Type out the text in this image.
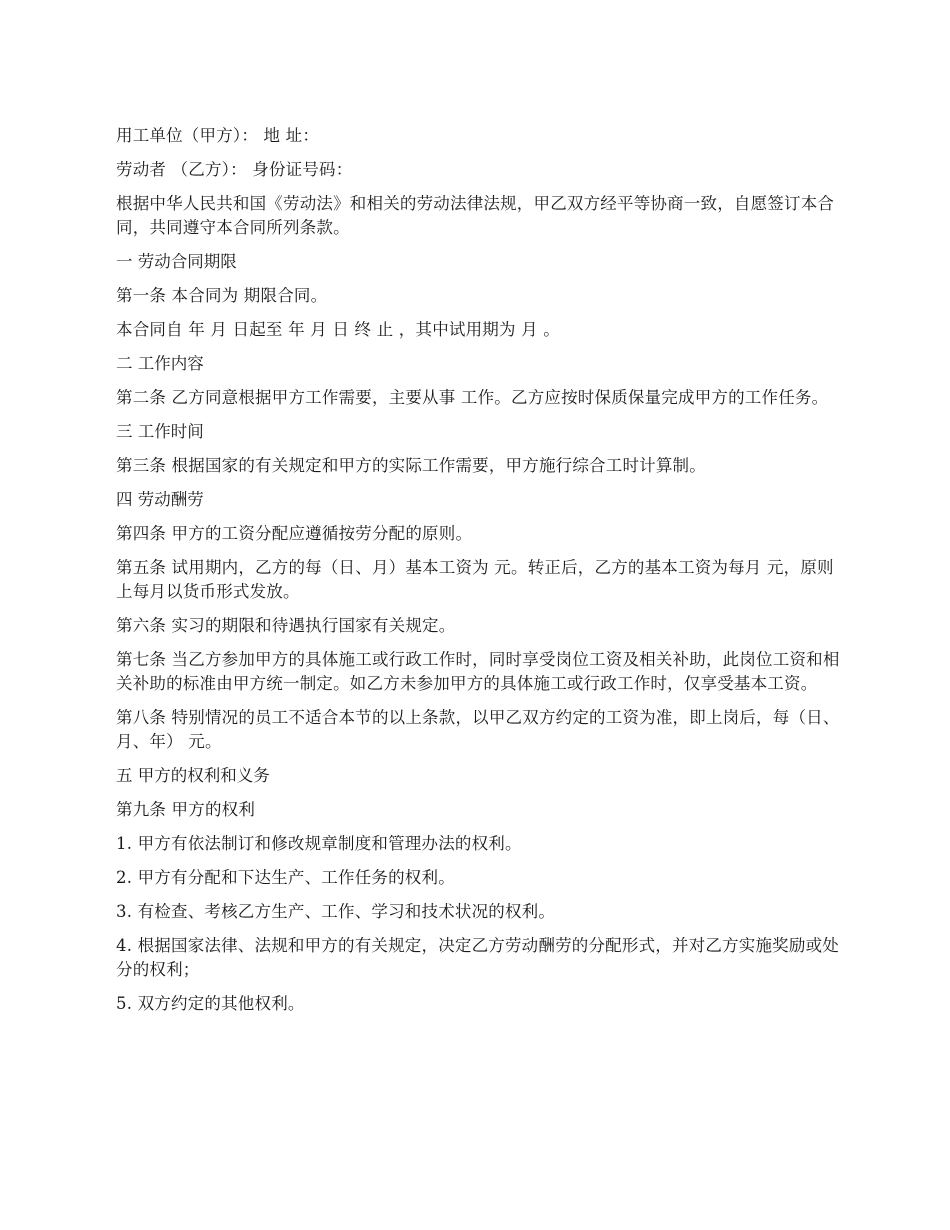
用工单位（甲方）： 地 址：

劳动者 （乙方）： 身份证号码：

根据中华人民共和国《劳动法》和相关的劳动法律法规，甲乙双方经平等协商一致，自愿签订本合同，共同遵守本合同所列条款。

一 劳动合同期限

第一条 本合同为 期限合同。

本合同自 年 月 日起至 年 月 日 终 止 ，其中试用期为 月 。

二 工作内容

第二条 乙方同意根据甲方工作需要，主要从事 工作。乙方应按时保质保量完成甲方的工作任务。

三 工作时间

第三条 根据国家的有关规定和甲方的实际工作需要，甲方施行综合工时计算制。

四 劳动酬劳

第四条 甲方的工资分配应遵循按劳分配的原则。

第五条 试用期内，乙方的每（日、月）基本工资为 元。转正后，乙方的基本工资为每月 元，原则上每月以货币形式发放。

第六条 实习的期限和待遇执行国家有关规定。

第七条 当乙方参加甲方的具体施工或行政工作时，同时享受岗位工资及相关补助，此岗位工资和相关补助的标准由甲方统一制定。如乙方未参加甲方的具体施工或行政工作时，仅享受基本工资。

第八条 特别情况的员工不适合本节的以上条款，以甲乙双方约定的工资为准，即上岗后，每（日、月、年） 元。

五 甲方的权利和义务

第九条 甲方的权利

1. 甲方有依法制订和修改规章制度和管理办法的权利。

2. 甲方有分配和下达生产、工作任务的权利。

3. 有检查、考核乙方生产、工作、学习和技术状况的权利。

4. 根据国家法律、法规和甲方的有关规定，决定乙方劳动酬劳的分配形式，并对乙方实施奖励或处分的权利；

5. 双方约定的其他权利。
